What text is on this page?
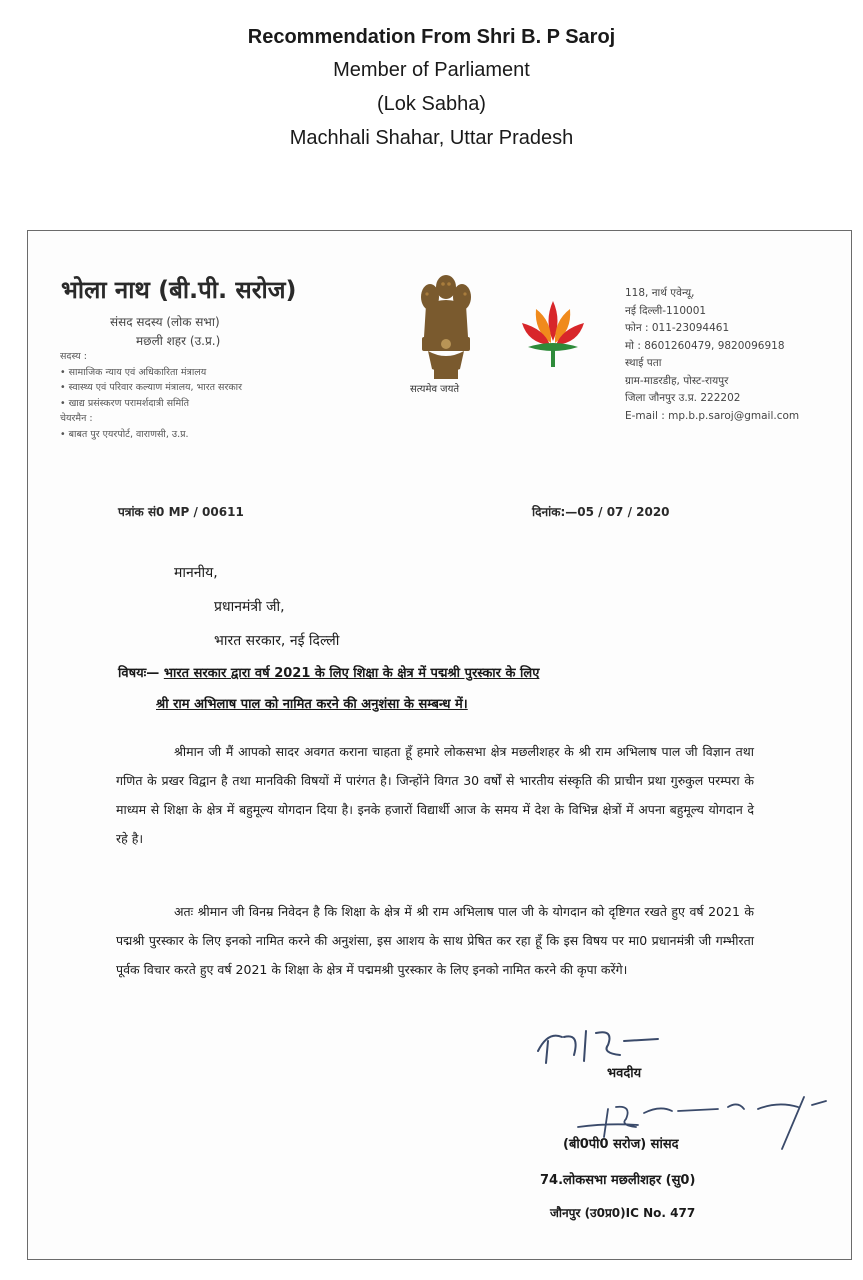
Recommendation From Shri B. P Saroj
Member of Parliament
(Lok Sabha)
Machhali Shahar, Uttar Pradesh
भोला नाथ (बी.पी. सरोज)
संसद सदस्य (लोक सभा)
मछली शहर (उ.प्र.)
सदस्य :
• सामाजिक न्याय एवं अधिकारिता मंत्रालय
• स्वास्थ्य एवं परिवार कल्याण मंत्रालय, भारत सरकार
• खाद्य प्रसंस्करण परामर्शदात्री समिति
चेयरमैन :
• बाबत पुर एयरपोर्ट, वाराणसी, उ.प्र.
सत्यमेव जयते
118, नार्थ एवेन्यू,
नई दिल्ली-110001
फोन : 011-23094461
मो : 8601260479, 9820096918
स्थाई पता
ग्राम-माडरडीह, पोस्ट-रायपुर
जिला जौनपुर उ.प्र. 222202
E-mail : mp.b.p.saroj@gmail.com
पत्रांक सं0 MP / 00611	दिनांक:—05 / 07 / 2020
माननीय,
प्रधानमंत्री जी,
भारत सरकार, नई दिल्ली
विषयः— भारत सरकार द्वारा वर्ष 2021 के लिए शिक्षा के क्षेत्र में पद्मश्री पुरस्कार के लिए
श्री राम अभिलाष पाल को नामित करने की अनुशंसा के सम्बन्ध में।
श्रीमान जी मैं आपको सादर अवगत कराना चाहता हूँ हमारे लोकसभा क्षेत्र मछलीशहर के श्री राम अभिलाष पाल जी विज्ञान तथा गणित के प्रखर विद्वान है तथा मानविकी विषयों में पारंगत है। जिन्होंने विगत 30 वर्षों से भारतीय संस्कृति की प्राचीन प्रथा गुरुकुल परम्परा के माध्यम से शिक्षा के क्षेत्र में बहुमूल्य योगदान दिया है। इनके हजारों विद्यार्थी आज के समय में देश के विभिन्न क्षेत्रों में अपना बहुमूल्य योगदान दे रहे है।
अतः श्रीमान जी विनम्र निवेदन है कि शिक्षा के क्षेत्र में श्री राम अभिलाष पाल जी के योगदान को दृष्टिगत रखते हुए वर्ष 2021 के पद्मश्री पुरस्कार के लिए इनको नामित करने की अनुशंसा, इस आशय के साथ प्रेषित कर रहा हूँ कि इस विषय पर मा0 प्रधानमंत्री जी गम्भीरता पूर्वक विचार करते हुए वर्ष 2021 के शिक्षा के क्षेत्र में पद्ममश्री पुरस्कार के लिए इनको नामित करने की कृपा करेंगे।
भवदीय
(बी0पी0 सरोज) सांसद
74.लोकसभा मछलीशहर (सु0)
जौनपुर (उ0प्र0)IC No. 477
